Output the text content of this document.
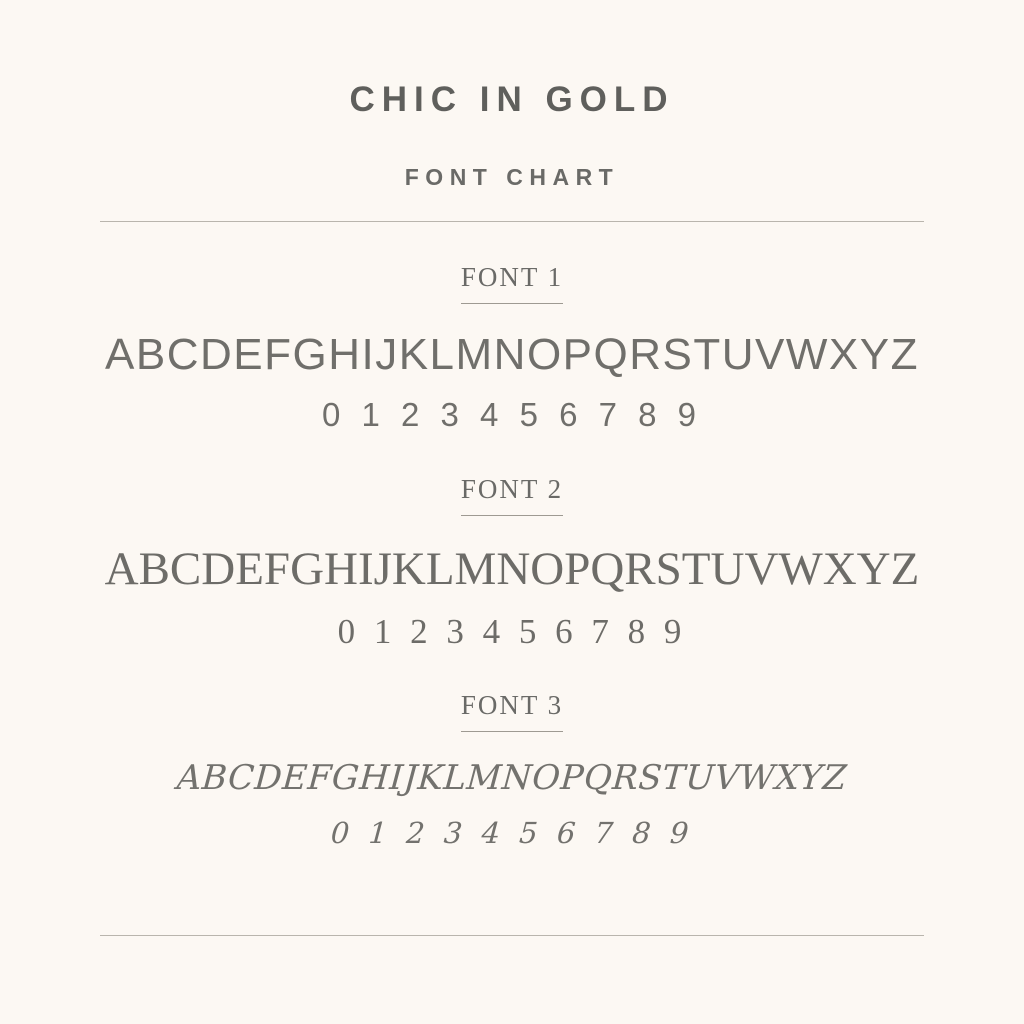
CHIC IN GOLD
FONT CHART
FONT 1
ABCDEFGHIJKLMNOPQRSTUVWXYZ
0 1 2 3 4 5 6 7 8 9
FONT 2
ABCDEFGHIJKLMNOPQRSTUVWXYZ
0 1 2 3 4 5 6 7 8 9
FONT 3
ABCDEFGHIJKLMNOPQRSTUVWXYZ
0 1 2 3 4 5 6 7 8 9
